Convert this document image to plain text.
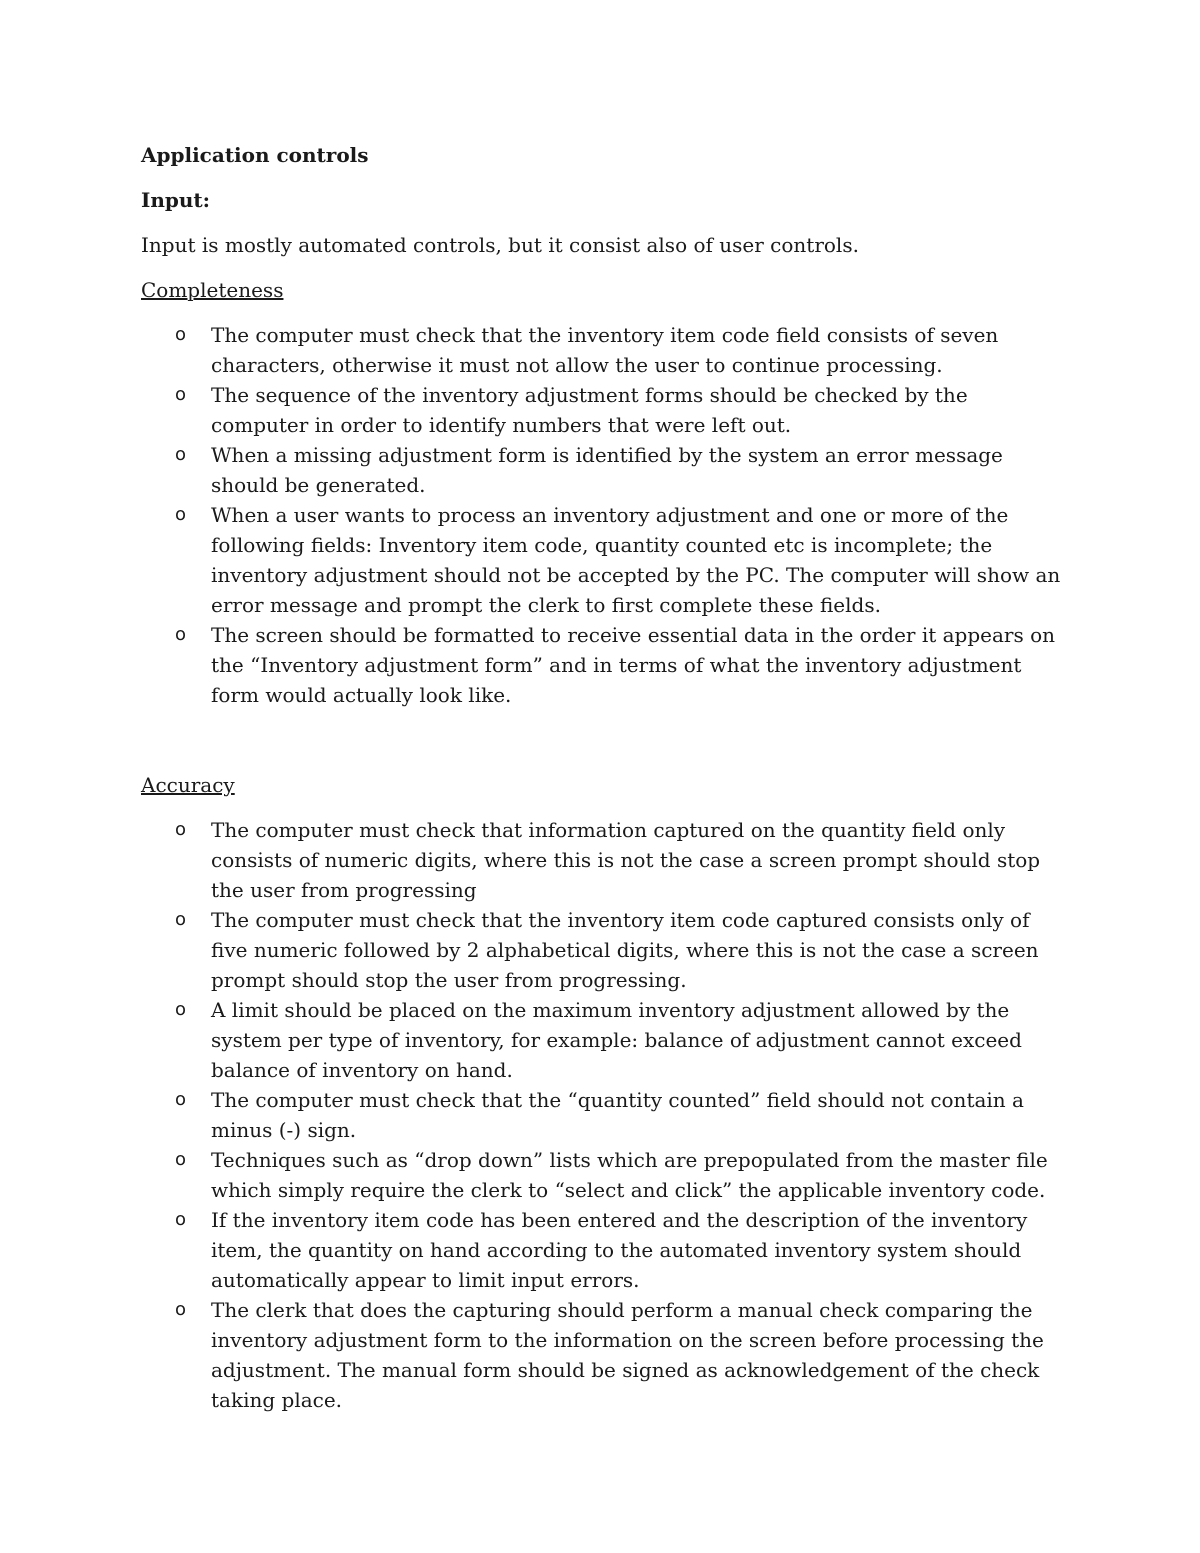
Application controls
Input:
Input is mostly automated controls, but it consist also of user controls.
Completeness
o The computer must check that the inventory item code field consists of seven characters, otherwise it must not allow the user to continue processing.
o The sequence of the inventory adjustment forms should be checked by the computer in order to identify numbers that were left out.
o When a missing adjustment form is identified by the system an error message should be generated.
o When a user wants to process an inventory adjustment and one or more of the following fields: Inventory item code, quantity counted etc is incomplete; the inventory adjustment should not be accepted by the PC. The computer will show an error message and prompt the clerk to first complete these fields.
o The screen should be formatted to receive essential data in the order it appears on the “Inventory adjustment form” and in terms of what the inventory adjustment form would actually look like.
Accuracy
o The computer must check that information captured on the quantity field only consists of numeric digits, where this is not the case a screen prompt should stop the user from progressing
o The computer must check that the inventory item code captured consists only of five numeric followed by 2 alphabetical digits, where this is not the case a screen prompt should stop the user from progressing.
o A limit should be placed on the maximum inventory adjustment allowed by the system per type of inventory, for example: balance of adjustment cannot exceed balance of inventory on hand.
o The computer must check that the “quantity counted” field should not contain a minus (-) sign.
o Techniques such as “drop down” lists which are prepopulated from the master file which simply require the clerk to “select and click” the applicable inventory code.
o If the inventory item code has been entered and the description of the inventory item, the quantity on hand according to the automated inventory system should automatically appear to limit input errors.
o The clerk that does the capturing should perform a manual check comparing the inventory adjustment form to the information on the screen before processing the adjustment. The manual form should be signed as acknowledgement of the check taking place.
